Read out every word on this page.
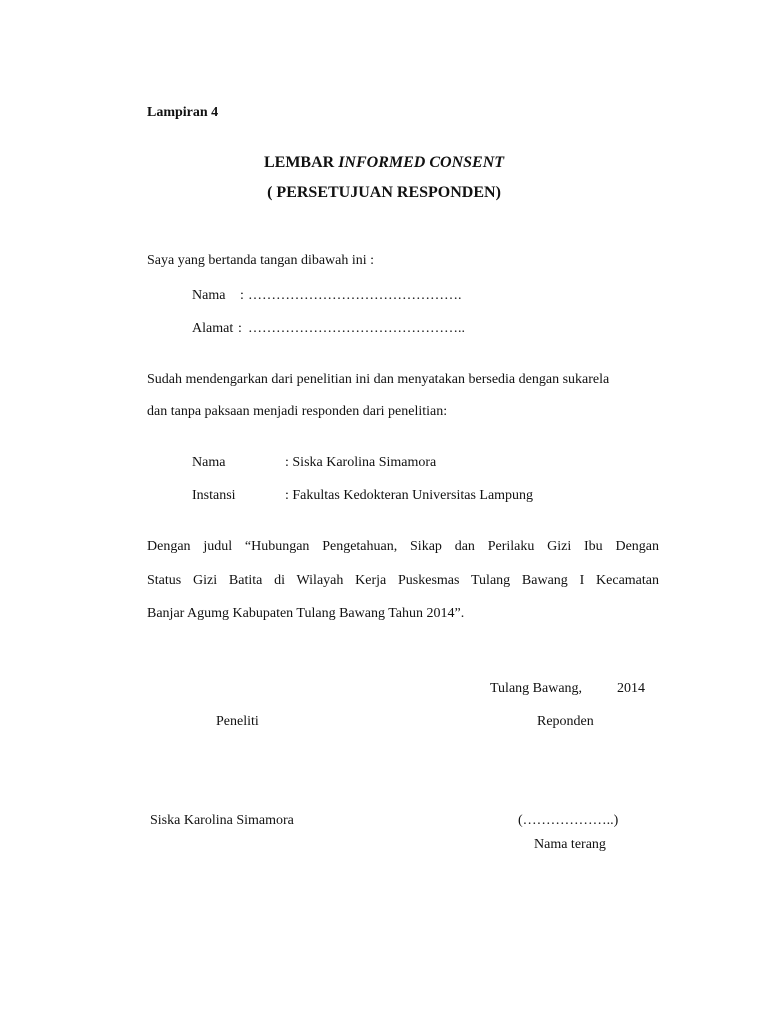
Lampiran 4
LEMBAR INFORMED CONSENT
( PERSETUJUAN RESPONDEN)
Saya yang bertanda tangan dibawah ini :
Nama : ……………………………………….
Alamat : ………………………………………..
Sudah mendengarkan dari penelitian ini dan menyatakan bersedia dengan sukarela
dan tanpa paksaan menjadi responden dari penelitian:
Nama	: Siska Karolina Simamora
Instansi	: Fakultas Kedokteran Universitas Lampung
Dengan judul “Hubungan Pengetahuan, Sikap dan Perilaku Gizi Ibu Dengan
Status Gizi Batita di Wilayah Kerja Puskesmas Tulang Bawang I Kecamatan
Banjar Agumg Kabupaten Tulang Bawang Tahun 2014”.
Tulang Bawang, 2014
Peneliti	Reponden
Siska Karolina Simamora	(………………..)
Nama terang
